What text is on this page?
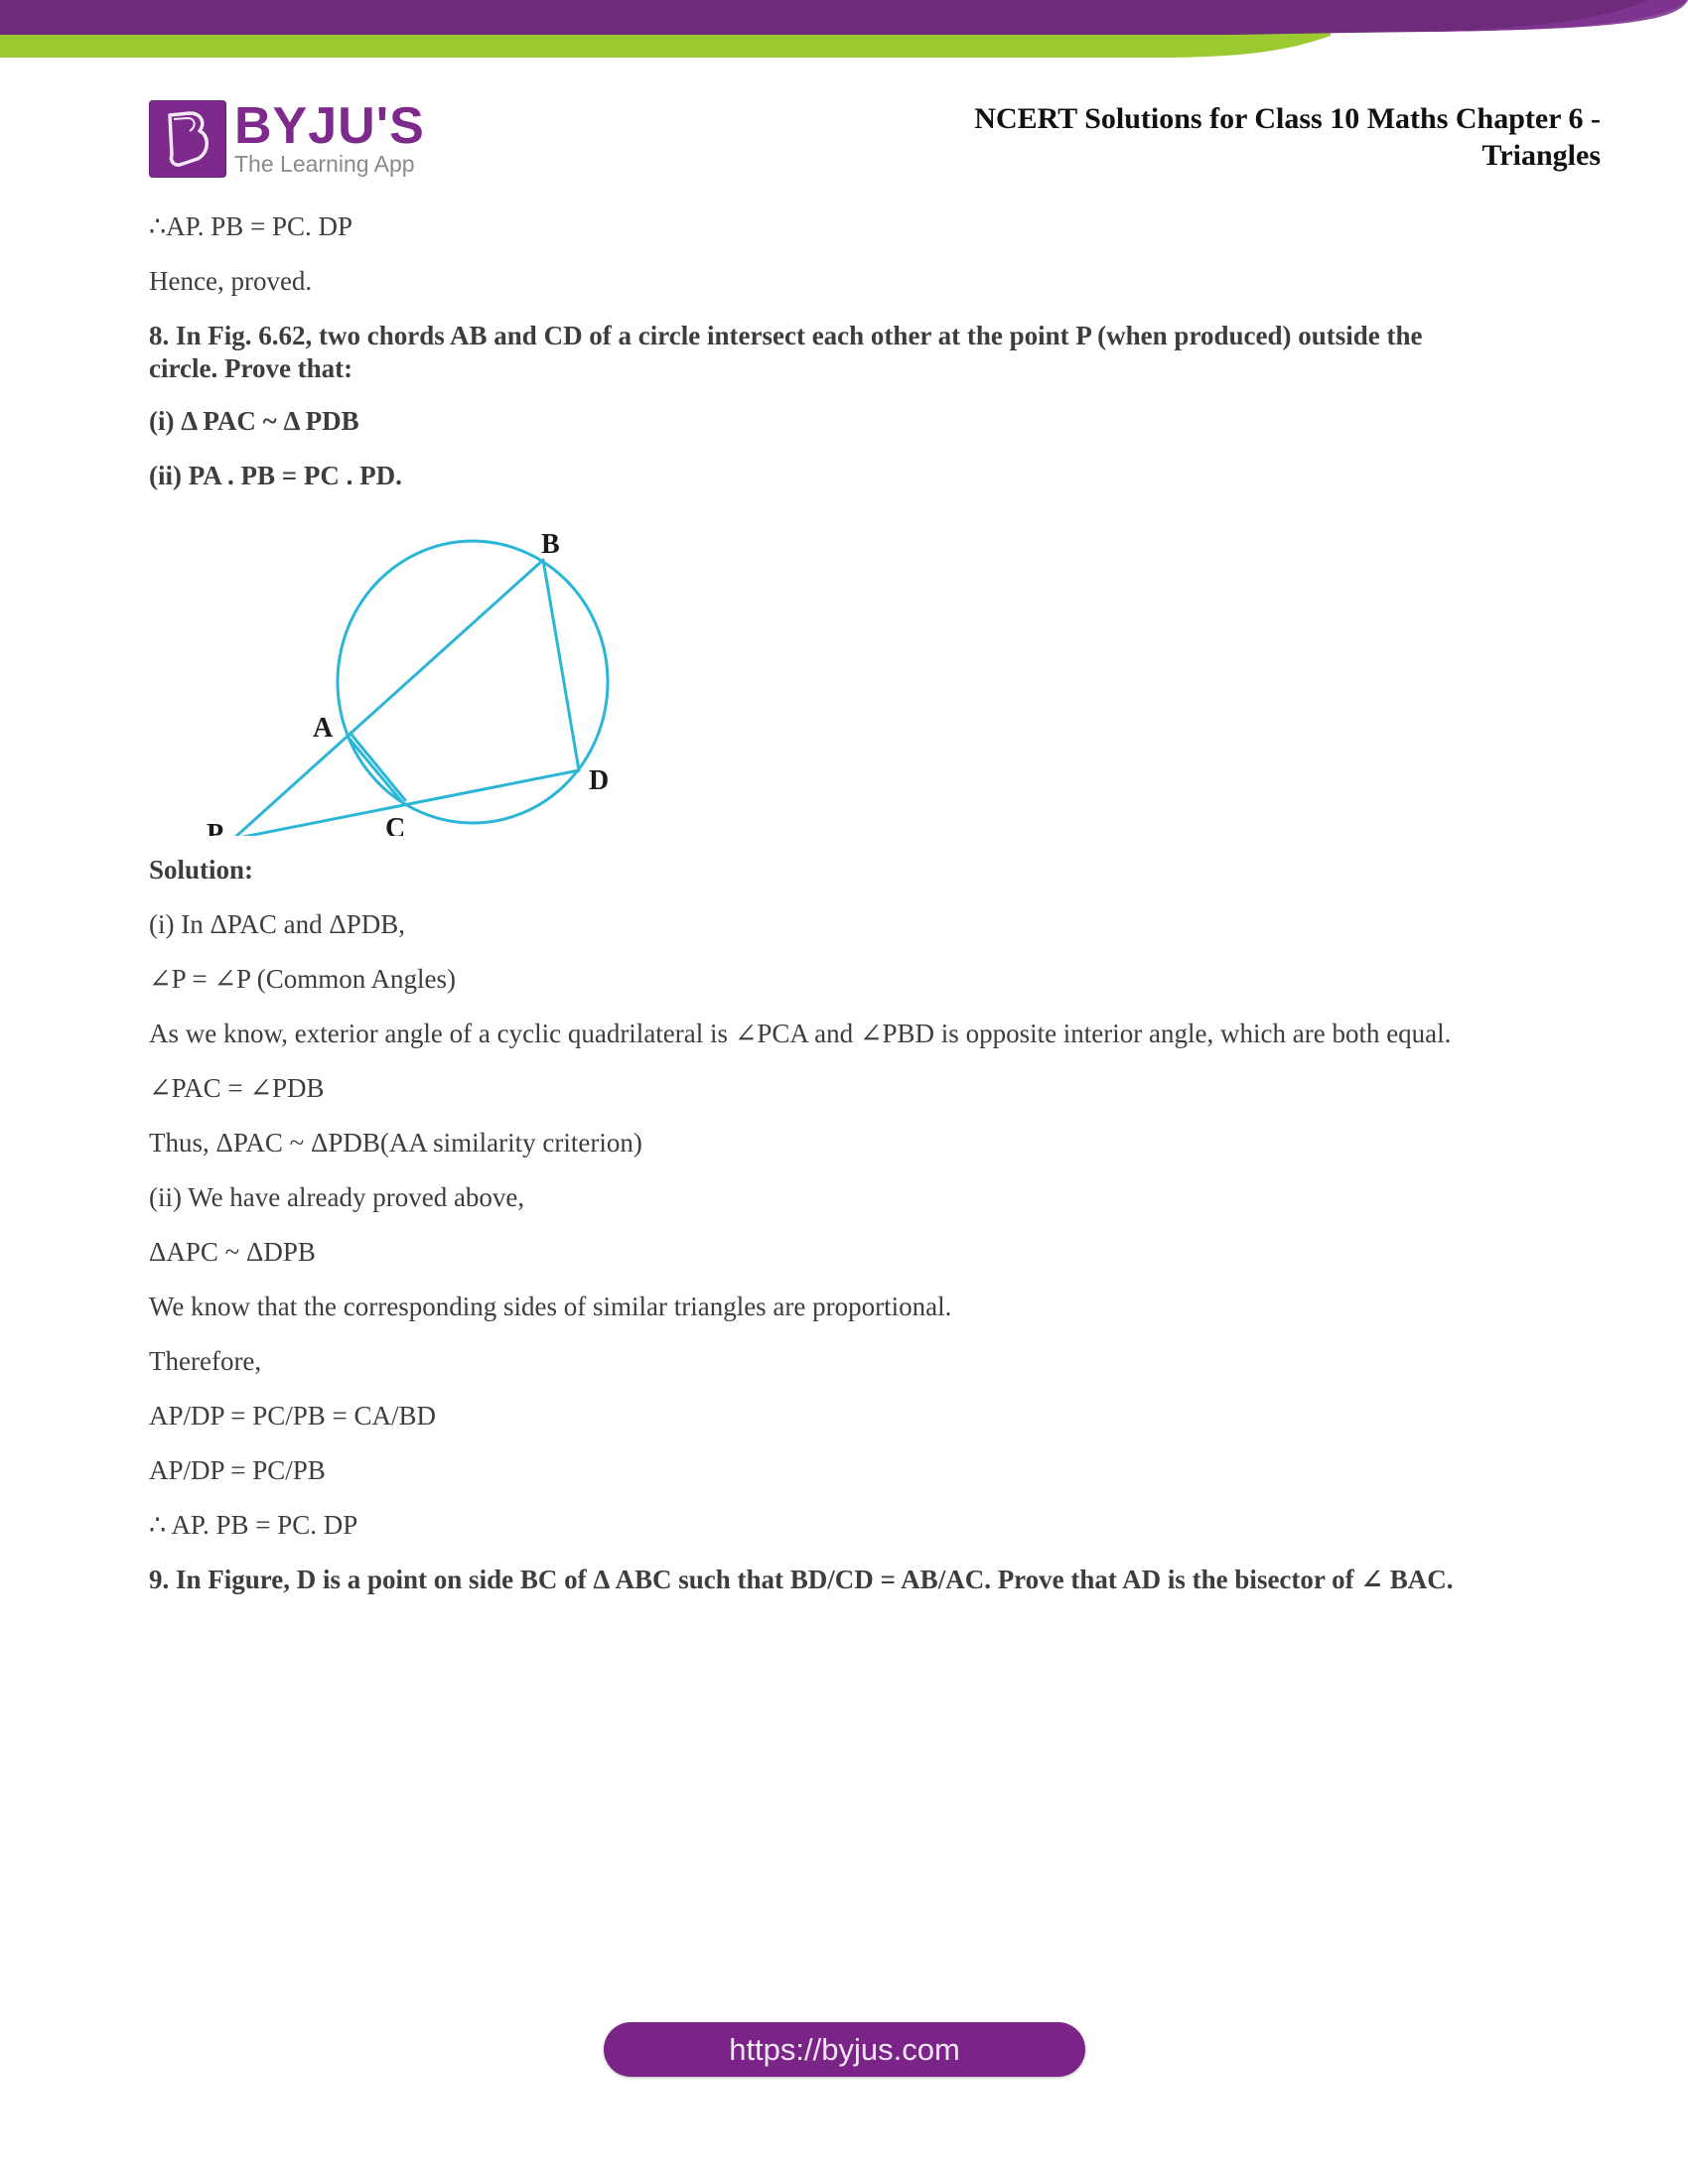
BYJU'S
The Learning App
NCERT Solutions for Class 10 Maths Chapter 6 -
Triangles

∴AP. PB = PC. DP

Hence, proved.

8. In Fig. 6.62, two chords AB and CD of a circle intersect each other at the point P (when produced) outside the
circle. Prove that:

(i) Δ PAC ~ Δ PDB

(ii) PA . PB = PC . PD.

B
A
D
C
P

Solution:

(i) In ΔPAC and ΔPDB,

∠P = ∠P (Common Angles)

As we know, exterior angle of a cyclic quadrilateral is ∠PCA and ∠PBD is opposite interior angle, which are both equal.

∠PAC = ∠PDB

Thus, ΔPAC ~ ΔPDB(AA similarity criterion)

(ii) We have already proved above,

ΔAPC ~ ΔDPB

We know that the corresponding sides of similar triangles are proportional.

Therefore,

AP/DP = PC/PB = CA/BD

AP/DP = PC/PB

∴ AP. PB = PC. DP

9. In Figure, D is a point on side BC of Δ ABC such that BD/CD = AB/AC. Prove that AD is the bisector of ∠ BAC.

https://byjus.com
